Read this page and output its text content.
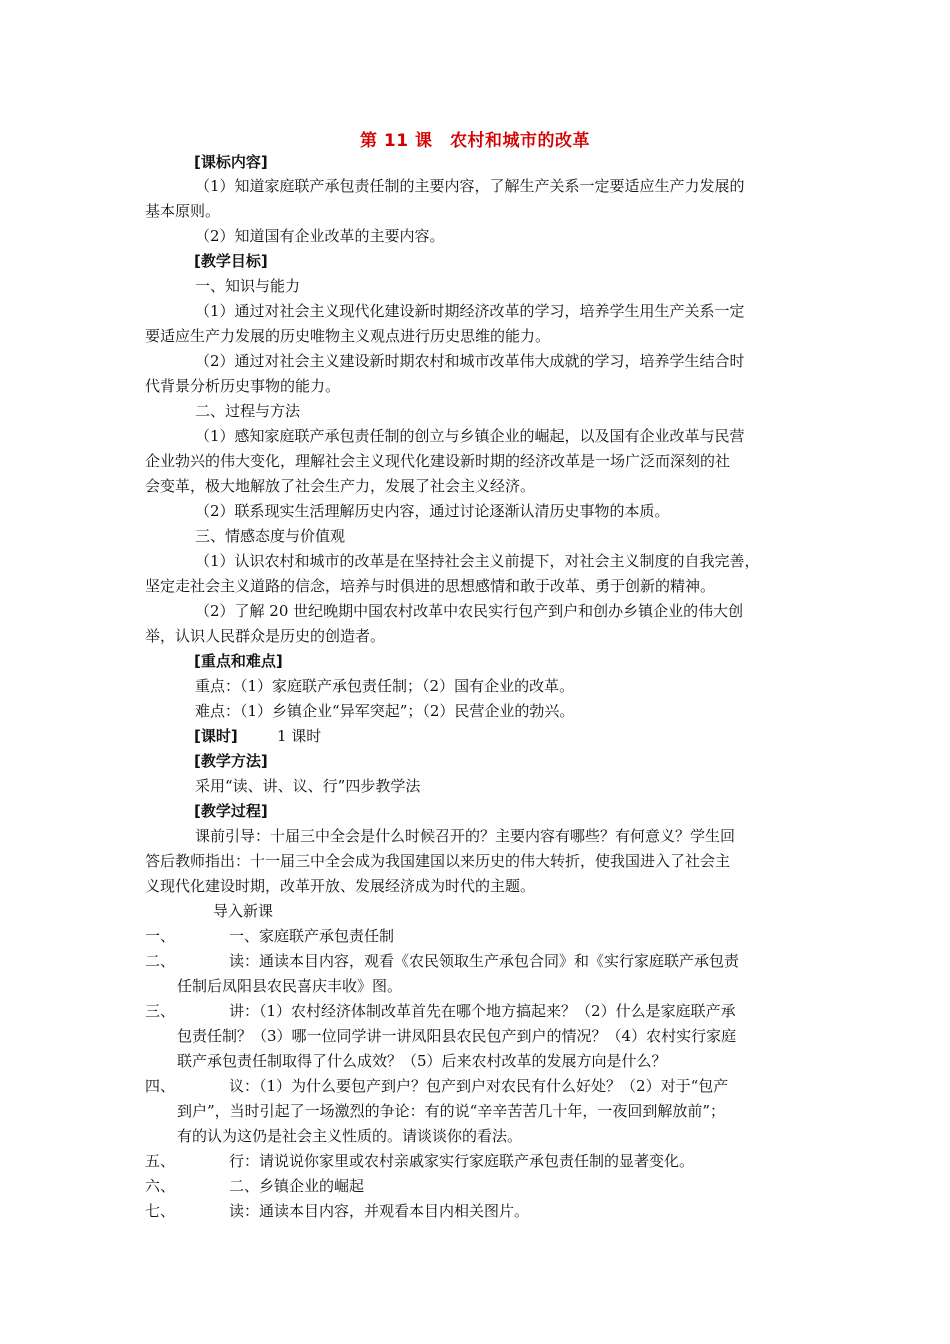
第 11 课　农村和城市的改革
[课标内容]
（1）知道家庭联产承包责任制的主要内容，了解生产关系一定要适应生产力发展的
基本原则。
（2）知道国有企业改革的主要内容。
[教学目标]
一、知识与能力
（1）通过对社会主义现代化建设新时期经济改革的学习，培养学生用生产关系一定
要适应生产力发展的历史唯物主义观点进行历史思维的能力。
（2）通过对社会主义建设新时期农村和城市改革伟大成就的学习，培养学生结合时
代背景分析历史事物的能力。
二、过程与方法
（1）感知家庭联产承包责任制的创立与乡镇企业的崛起，以及国有企业改革与民营
企业勃兴的伟大变化，理解社会主义现代化建设新时期的经济改革是一场广泛而深刻的社
会变革，极大地解放了社会生产力，发展了社会主义经济。
（2）联系现实生活理解历史内容，通过讨论逐渐认清历史事物的本质。
三、情感态度与价值观
（1）认识农村和城市的改革是在坚持社会主义前提下，对社会主义制度的自我完善，
坚定走社会主义道路的信念，培养与时俱进的思想感情和敢于改革、勇于创新的精神。
（2）了解 20 世纪晚期中国农村改革中农民实行包产到户和创办乡镇企业的伟大创
举，认识人民群众是历史的创造者。
[重点和难点]
重点：（1）家庭联产承包责任制；（2）国有企业的改革。
难点：（1）乡镇企业“异军突起”；（2）民营企业的勃兴。
[课时]	1 课时
[教学方法]
采用“读、讲、议、行”四步教学法
[教学过程]
课前引导：十届三中全会是什么时候召开的？主要内容有哪些？有何意义？学生回
答后教师指出：十一届三中全会成为我国建国以来历史的伟大转折，使我国进入了社会主
义现代化建设时期，改革开放、发展经济成为时代的主题。
导入新课
一、	一、家庭联产承包责任制
二、	读：通读本目内容，观看《农民领取生产承包合同》和《实行家庭联产承包责
任制后凤阳县农民喜庆丰收》图。
三、	讲：（1）农村经济体制改革首先在哪个地方搞起来？（2）什么是家庭联产承
包责任制？（3）哪一位同学讲一讲凤阳县农民包产到户的情况？（4）农村实行家庭
联产承包责任制取得了什么成效？（5）后来农村改革的发展方向是什么？
四、	议：（1）为什么要包产到户？包产到户对农民有什么好处？（2）对于“包产
到户”，当时引起了一场激烈的争论：有的说“辛辛苦苦几十年，一夜回到解放前”；
有的认为这仍是社会主义性质的。请谈谈你的看法。
五、	行：请说说你家里或农村亲戚家实行家庭联产承包责任制的显著变化。
六、	二、乡镇企业的崛起
七、	读：通读本目内容，并观看本目内相关图片。
